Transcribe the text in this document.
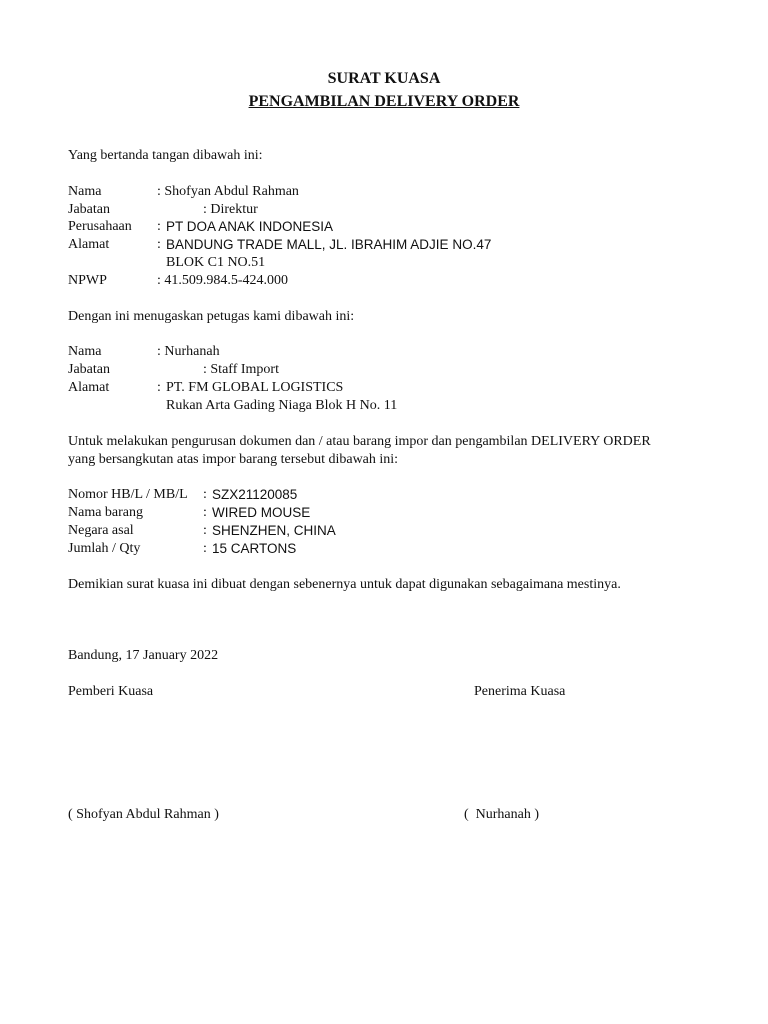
SURAT KUASA
PENGAMBILAN DELIVERY ORDER
Yang bertanda tangan dibawah ini:
Nama	: Shofyan Abdul Rahman
Jabatan	: Direktur
Perusahaan : PT DOA ANAK INDONESIA
Alamat	: BANDUNG TRADE MALL, JL. IBRAHIM ADJIE NO.47
BLOK C1 NO.51
NPWP	: 41.509.984.5-424.000
Dengan ini menugaskan petugas kami dibawah ini:
Nama	: Nurhanah
Jabatan	: Staff Import
Alamat	: PT. FM GLOBAL LOGISTICS
Rukan Arta Gading Niaga Blok H No. 11
Untuk melakukan pengurusan dokumen dan / atau barang impor dan pengambilan DELIVERY ORDER
yang bersangkutan atas impor barang tersebut dibawah ini:
Nomor HB/L / MB/L : SZX21120085
Nama barang	: WIRED MOUSE
Negara asal	: SHENZHEN, CHINA
Jumlah / Qty	: 15 CARTONS
Demikian surat kuasa ini dibuat dengan sebenernya untuk dapat digunakan sebagaimana mestinya.
Bandung, 17 January 2022
Pemberi Kuasa	Penerima Kuasa
( Shofyan Abdul Rahman )	(  Nurhanah )
